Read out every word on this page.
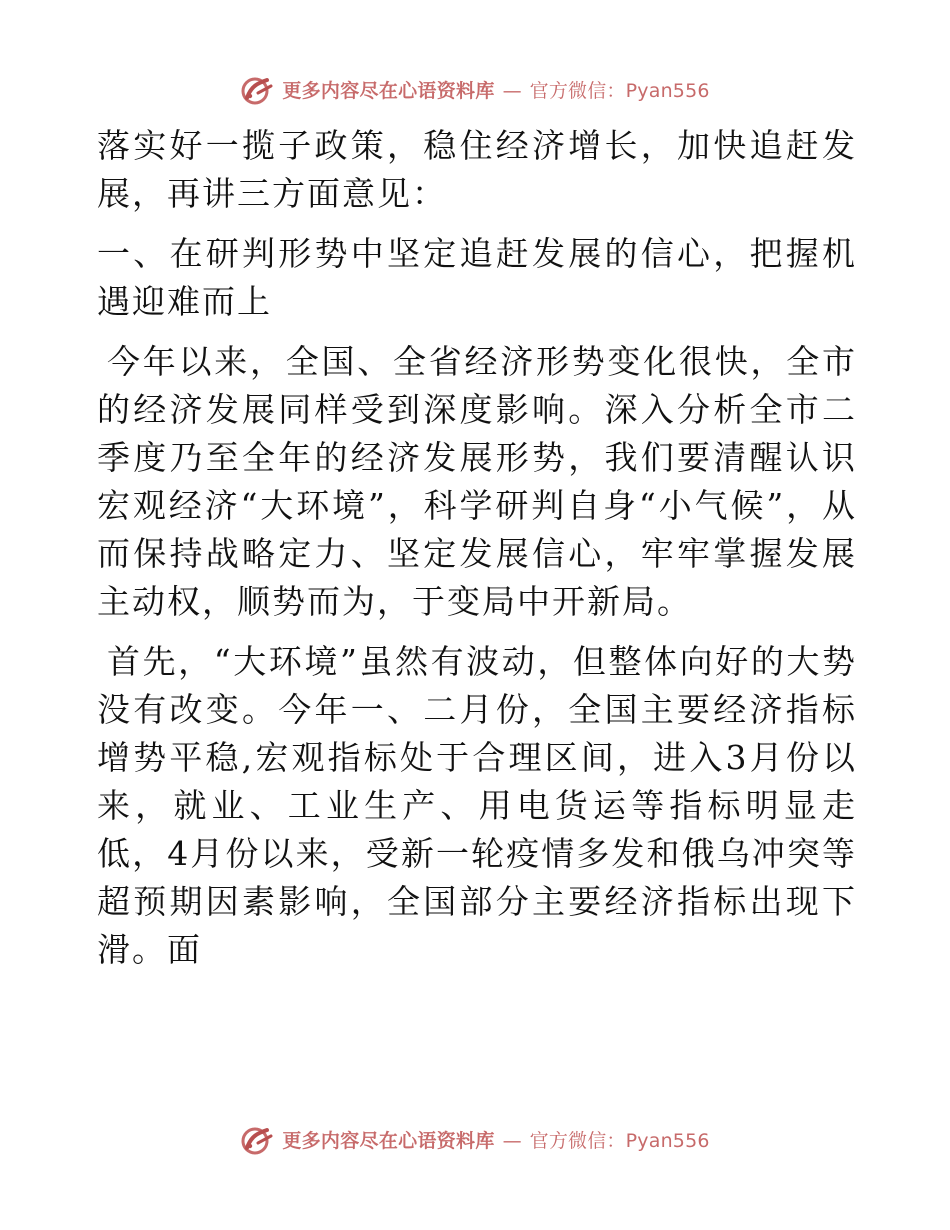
更多内容尽在心语资料库 — 官方微信：Pyan556

落实好一揽子政策，稳住经济增长，加快追赶发展，再讲三方面意见：

一、在研判形势中坚定追赶发展的信心，把握机遇迎难而上

今年以来，全国、全省经济形势变化很快，全市的经济发展同样受到深度影响。深入分析全市二季度乃至全年的经济发展形势，我们要清醒认识宏观经济“大环境”，科学研判自身“小气候”，从而保持战略定力、坚定发展信心，牢牢掌握发展主动权，顺势而为，于变局中开新局。

首先，“大环境”虽然有波动，但整体向好的大势没有改变。今年一、二月份，全国主要经济指标增势平稳,宏观指标处于合理区间，进入3月份以来，就业、工业生产、用电货运等指标明显走低，4月份以来，受新一轮疫情多发和俄乌冲突等超预期因素影响，全国部分主要经济指标出现下滑。面

更多内容尽在心语资料库 — 官方微信：Pyan556
